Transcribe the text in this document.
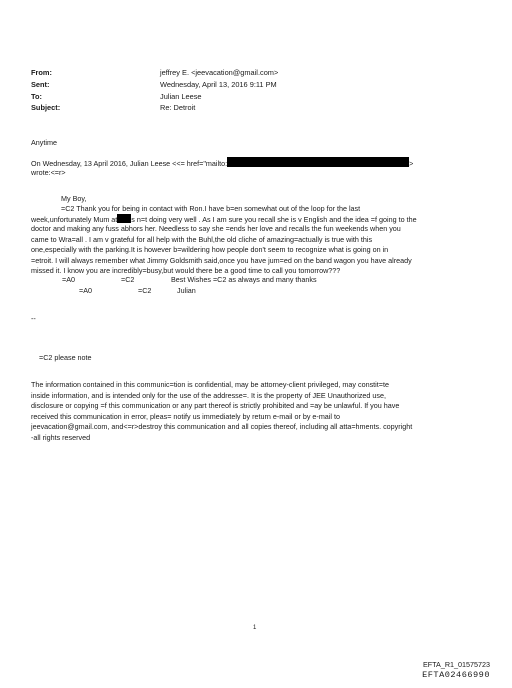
From:	jeffrey E. <jeevacation@gmail.com>
Sent:	Wednesday, April 13, 2016 9:11 PM
To:	Julian Leese
Subject:	Re: Detroit
Anytime
On Wednesday, 13 April 2016, Julian Leese <<= href="mailto:	>
wrote:<=r>
My Boy,
=C2 Thank you for being in contact with Ron.I have b=en somewhat out of the loop for the last
week,unfortunately Mum at s n=t doing very well . As I am sure you recall she is v English and the idea =f going to the
doctor and making any fuss abhors her. Needless to say she =ends her love and recalls the fun weekends when you
came to Wra=all . I am v grateful for all help with the Buhl,the old cliche of amazing=actually is true with this
one,especially with the parking.It is however b=wildering how people don't seem to recognize what is going on in
=etroit. I will always remember what Jimmy Goldsmith said,once you have jum=ed on the band wagon you have already
missed it. I know you are incredibly=busy,but would there be a good time to call you tomorrow???
=A0	=C2	Best Wishes =C2 as always and many thanks
=A0	=C2	Julian
--
=C2 please note
The information contained in this communic=tion is confidential, may be attorney-client privileged, may constit=te
inside information, and is intended only for the use of the addresse=. It is the property of JEE Unauthorized use,
disclosure or copying =f this communication or any part thereof is strictly prohibited and =ay be unlawful. If you have
received this communication in error, pleas= notify us immediately by return e-mail or by e-mail to
jeevacation@gmail.com, and<=r>destroy this communication and all copies thereof, including all atta=hments. copyright
-all rights reserved
1
EFTA_R1_01575723
EFTA02466990
